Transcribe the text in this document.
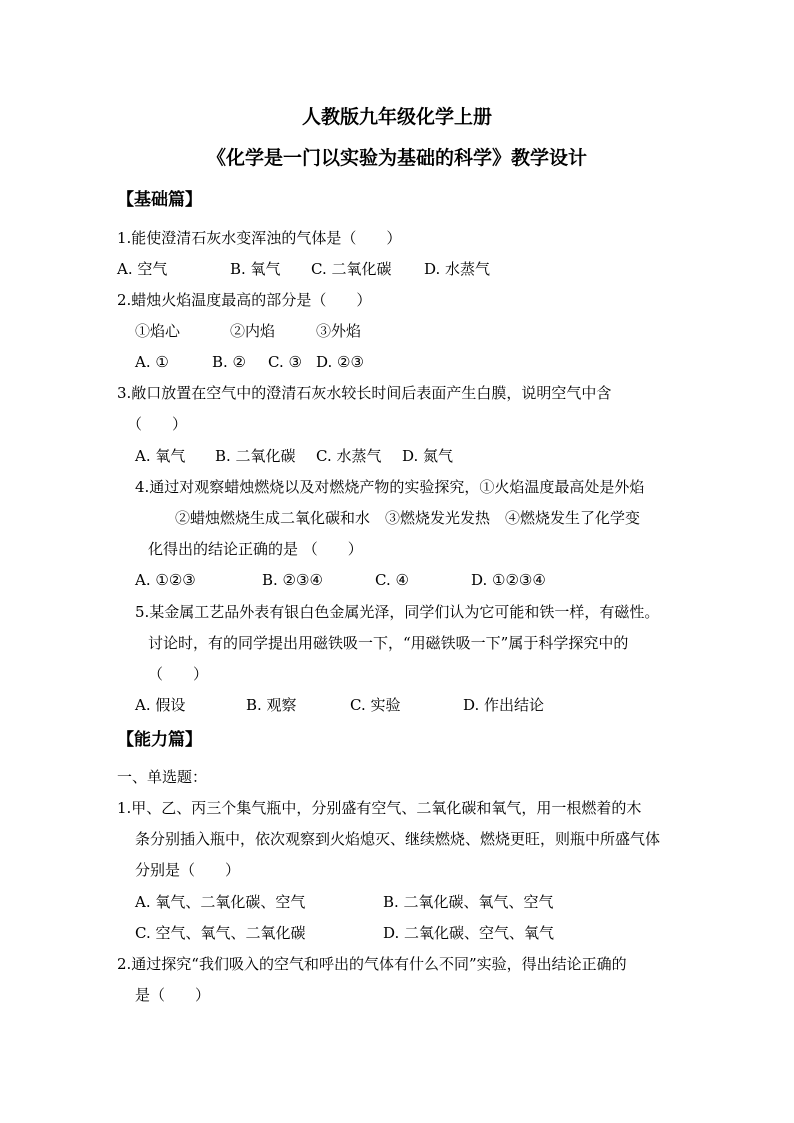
人教版九年级化学上册
《化学是一门以实验为基础的科学》教学设计
【基础篇】
1.能使澄清石灰水变浑浊的气体是（　　）
A. 空气	B. 氧气 C. 二氧化碳 D. 水蒸气
2.蜡烛火焰温度最高的部分是（　　）
①焰心	②内焰	③外焰
A. ①	B. ② C. ③ D. ②③
3.敞口放置在空气中的澄清石灰水较长时间后表面产生白膜，说明空气中含
（　　）
A. 氧气 B. 二氧化碳 C. 水蒸气 D. 氮气
4.通过对观察蜡烛燃烧以及对燃烧产物的实验探究，①火焰温度最高处是外焰
②蜡烛燃烧生成二氧化碳和水　③燃烧发光发热　④燃烧发生了化学变
化得出的结论正确的是 （　　）
A. ①②③	B. ②③④	C. ④	D. ①②③④
5.某金属工艺品外表有银白色金属光泽，同学们认为它可能和铁一样，有磁性。
讨论时，有的同学提出用磁铁吸一下，“用磁铁吸一下”属于科学探究中的
（　　）
A. 假设	B. 观察	C. 实验	D. 作出结论
【能力篇】
一、单选题：
1.甲、乙、丙三个集气瓶中，分别盛有空气、二氧化碳和氧气，用一根燃着的木
条分别插入瓶中，依次观察到火焰熄灭、继续燃烧、燃烧更旺，则瓶中所盛气体
分别是（　　）
A. 氧气、二氧化碳、空气	B. 二氧化碳、氧气、空气
C. 空气、氧气、二氧化碳	D. 二氧化碳、空气、氧气
2.通过探究“我们吸入的空气和呼出的气体有什么不同”实验，得出结论正确的
是（　　）
